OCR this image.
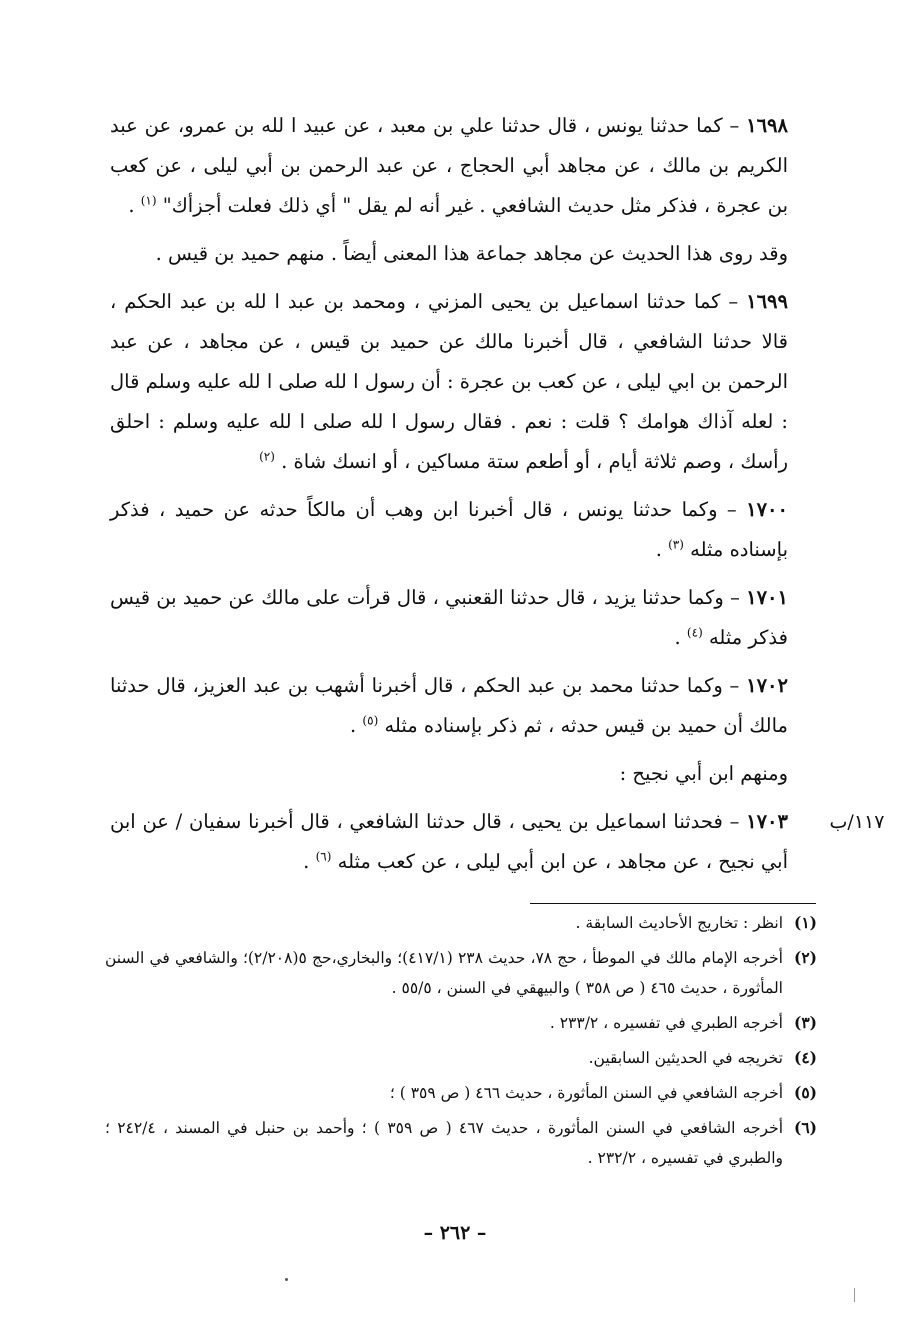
١٦٩٨ – كما حدثنا يونس ، قال حدثنا علي بن معبد ، عن عبيد ا لله بن عمرو، عن عبد الكريم بن مالك ، عن مجاهد أبي الحجاج ، عن عبد الرحمن بن أبي ليلى ، عن كعب بن عجرة ، فذكر مثل حديث الشافعي . غير أنه لم يقل " أي ذلك فعلت أجزأك" $^{(١)}$ .

وقد روى هذا الحديث عن مجاهد جماعة هذا المعنى أيضاً . منهم حميد بن قيس .

١٦٩٩ – كما حدثنا اسماعيل بن يحيى المزني ، ومحمد بن عبد ا لله بن عبد الحكم ، قالا حدثنا الشافعي ، قال أخبرنا مالك عن حميد بن قيس ، عن مجاهد ، عن عبد الرحمن بن ابي ليلى ، عن كعب بن عجرة : أن رسول ا لله صلى ا لله عليه وسلم قال : لعله آذاك هوامك ؟ قلت : نعم . فقال رسول ا لله صلى ا لله عليه وسلم : احلق رأسك ، وصم ثلاثة أيام ، أو أطعم ستة مساكين ، أو انسك شاة . $^{(٢)}$

١٧٠٠ – وكما حدثنا يونس ، قال أخبرنا ابن وهب أن مالكاً حدثه عن حميد ، فذكر بإسناده مثله $^{(٣)}$ .

١٧٠١ – وكما حدثنا يزيد ، قال حدثنا القعنبي ، قال قرأت على مالك عن حميد بن قيس فذكر مثله $^{(٤)}$ .

١٧٠٢ – وكما حدثنا محمد بن عبد الحكم ، قال أخبرنا أشهب بن عبد العزيز، قال حدثنا مالك أن حميد بن قيس حدثه ، ثم ذكر بإسناده مثله $^{(٥)}$ .

ومنهم ابن أبي نجيح :

١٧٠٣ – فحدثنا اسماعيل بن يحيى ، قال حدثنا الشافعي ، قال أخبرنا سفيان / عن ابن أبي نجيح ، عن مجاهد ، عن ابن أبي ليلى ، عن كعب مثله $^{(٦)}$ .

١١٧/ب
(١)
انظر : تخاريج الأحاديث السابقة .
(٢)
أخرجه الإمام مالك في الموطأ ، حج ٧٨، حديث ٢٣٨ (٤١٧/١)؛ والبخاري،حج ٥(٢/٢٠٨)؛ والشافعي في السنن المأثورة ، حديث ٤٦٥ ( ص ٣٥٨ ) والبيهقي في السنن ، ٥٥/٥ .
(٣)
أخرجه الطبري في تفسيره ، ٢٣٣/٢ .
(٤)
تخريجه في الحديثين السابقين.
(٥)
أخرجه الشافعي في السنن المأثورة ، حديث ٤٦٦ ( ص ٣٥٩ ) ؛
(٦)
أخرجه الشافعي في السنن المأثورة ، حديث ٤٦٧ ( ص ٣٥٩ ) ؛ وأحمد بن حنبل في المسند ، ٢٤٢/٤ ؛ والطبري في تفسيره ، ٢٣٢/٢ .
– ٢٦٢ –
